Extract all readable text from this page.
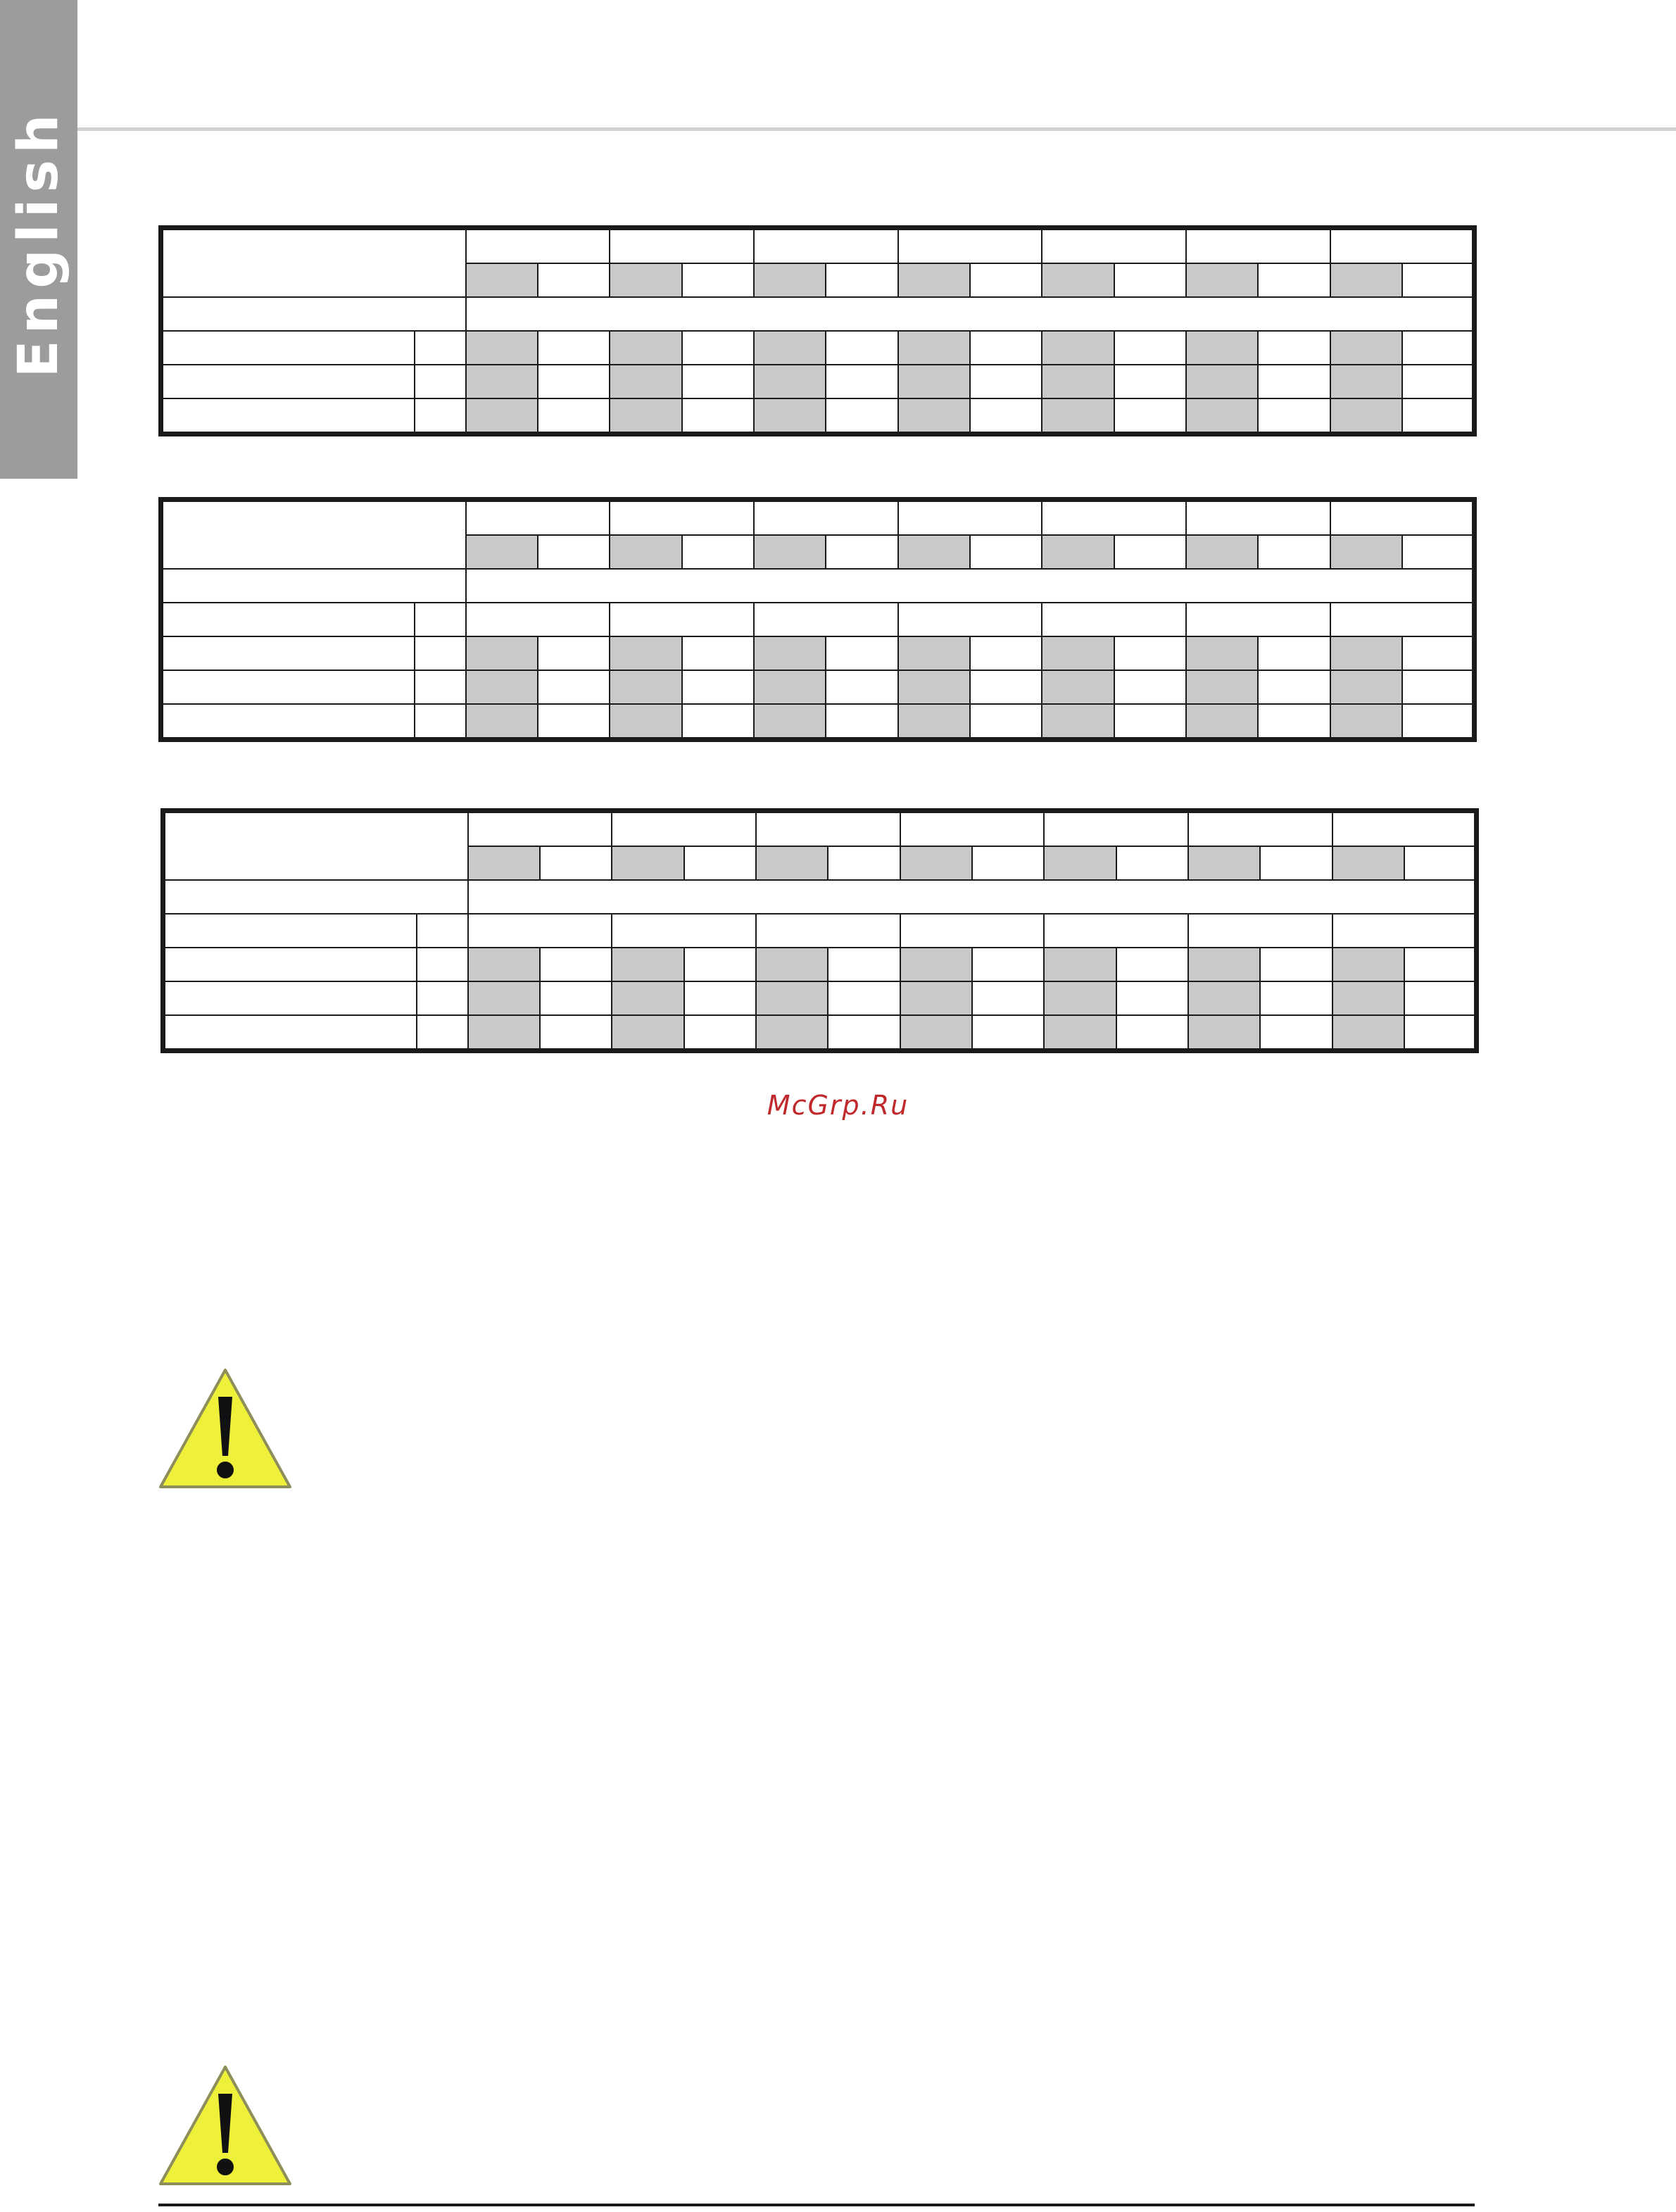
English

McGrp.Ru
